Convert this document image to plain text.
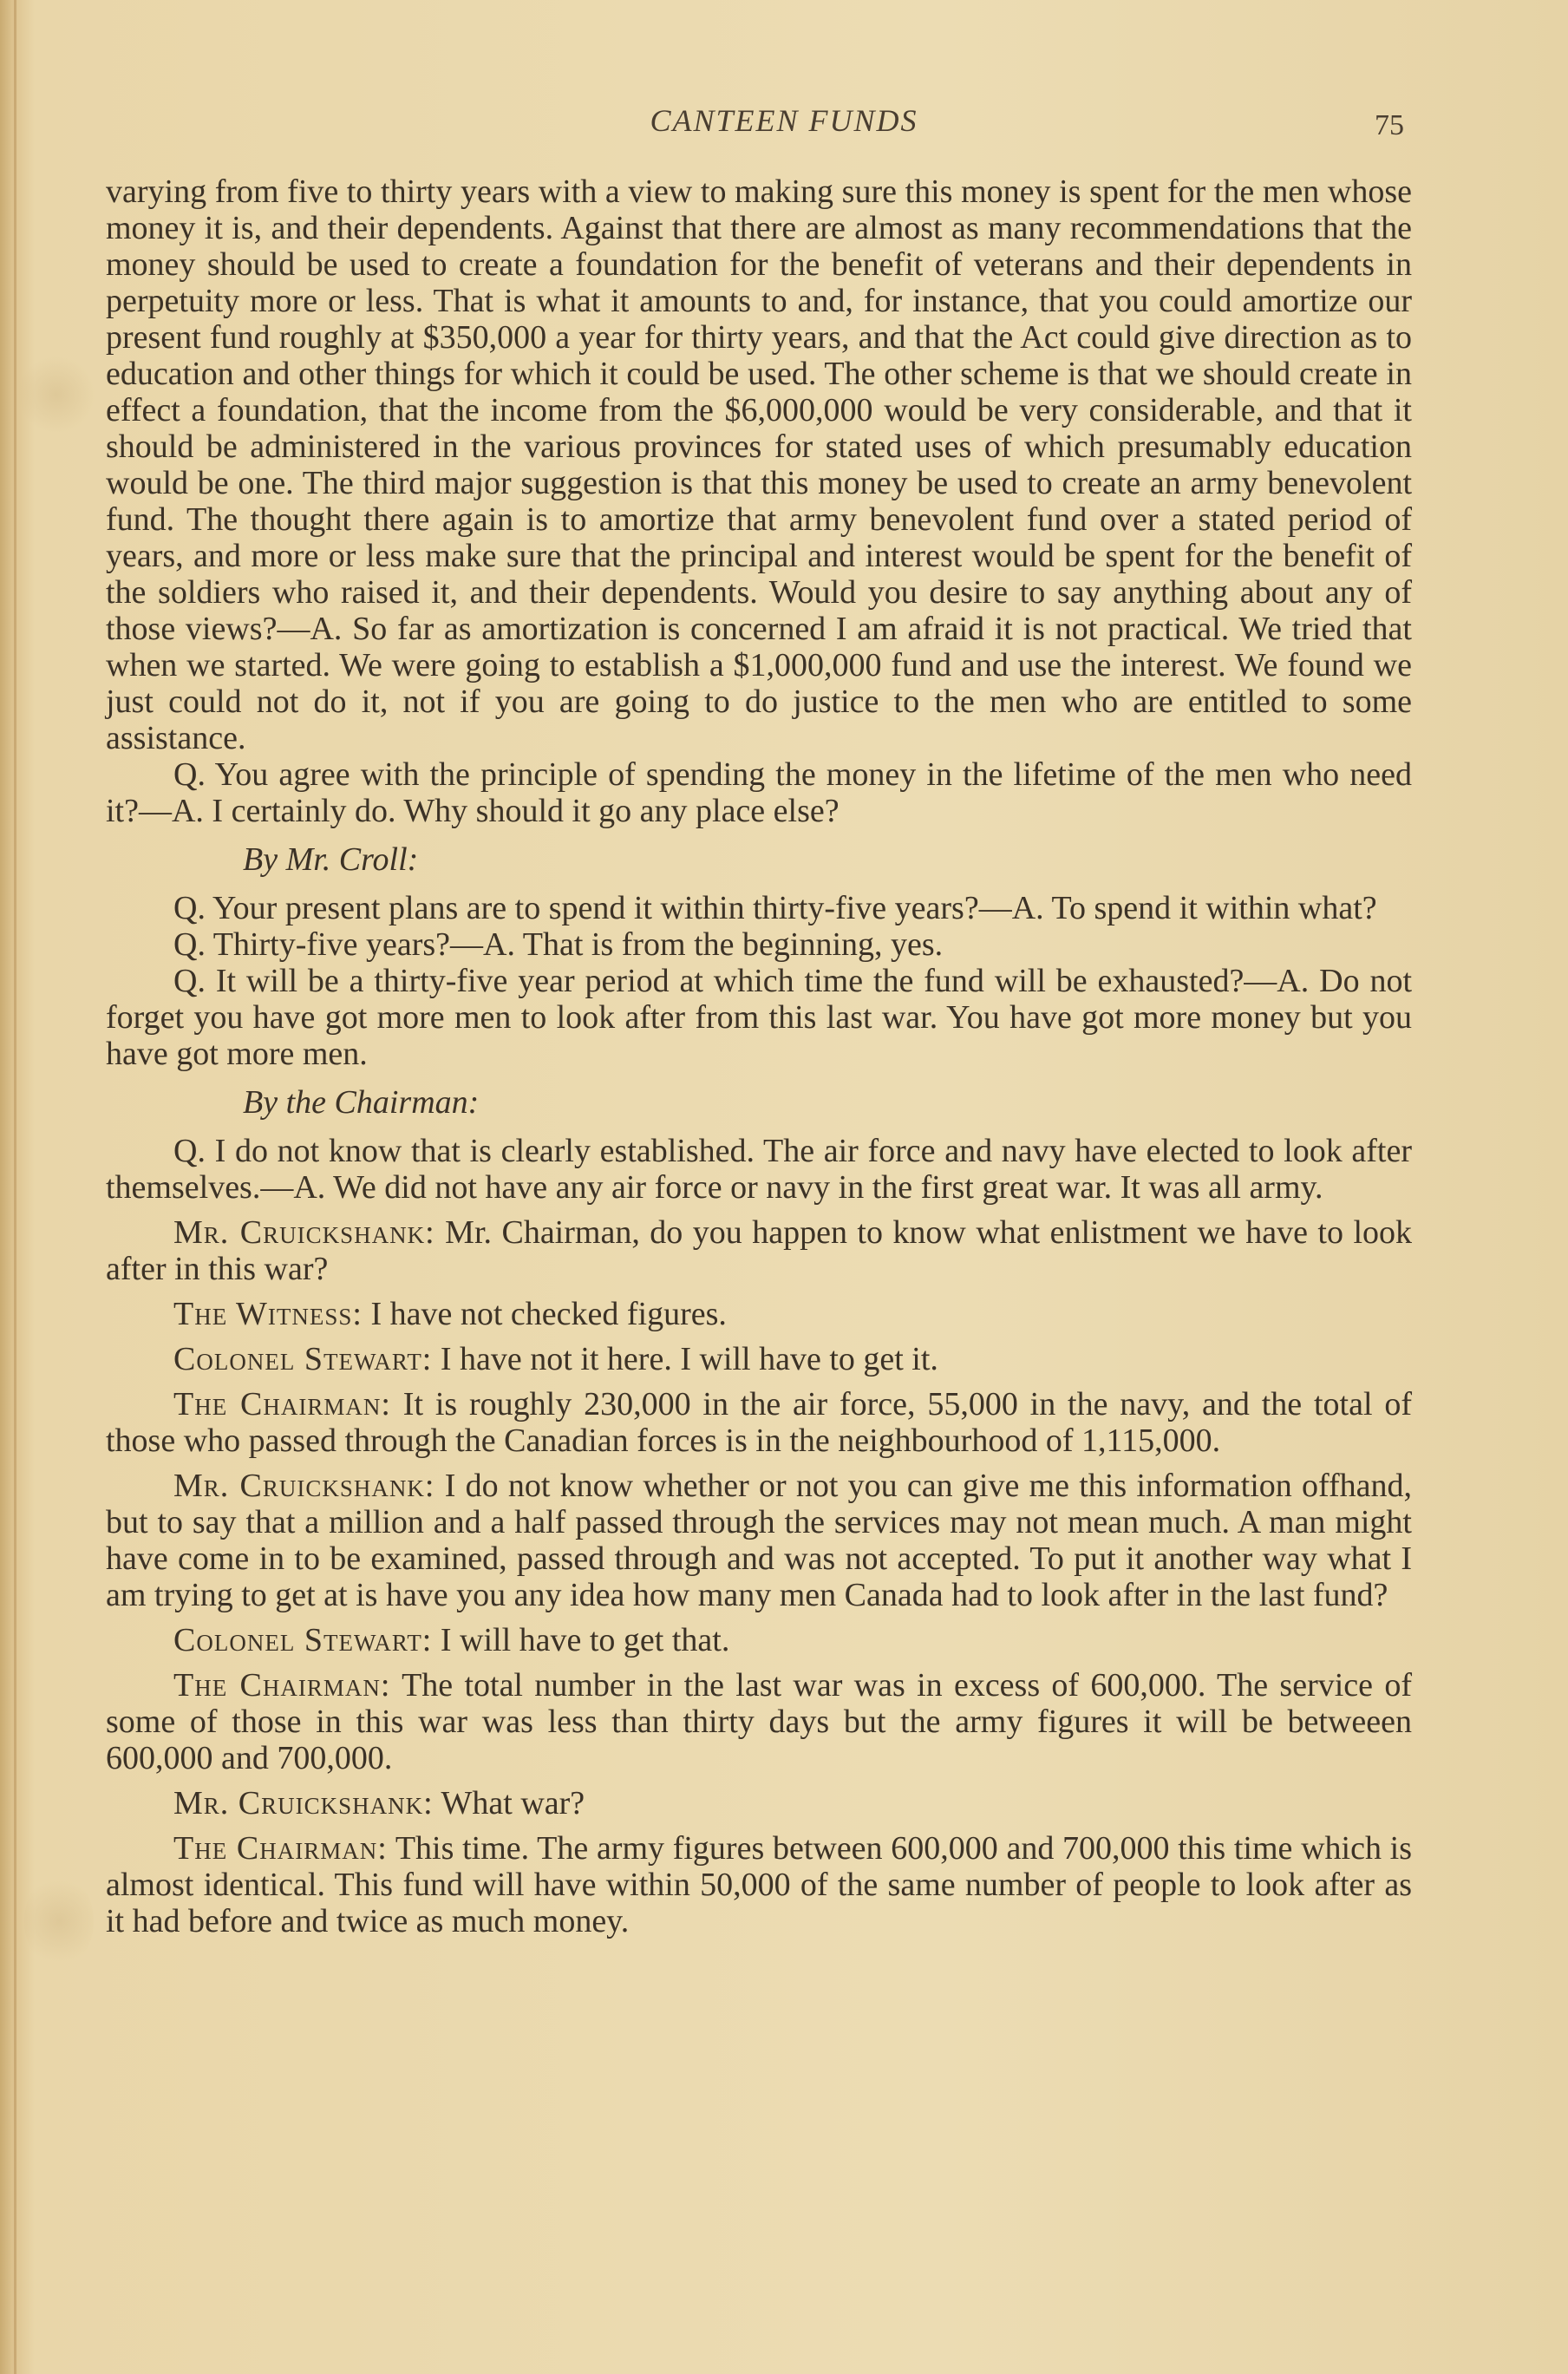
CANTEEN FUNDS	75

varying from five to thirty years with a view to making sure this money is spent for the men whose money it is, and their dependents. Against that there are almost as many recommendations that the money should be used to create a foundation for the benefit of veterans and their dependents in perpetuity more or less. That is what it amounts to and, for instance, that you could amortize our present fund roughly at $350,000 a year for thirty years, and that the Act could give direction as to education and other things for which it could be used. The other scheme is that we should create in effect a foundation, that the income from the $6,000,000 would be very considerable, and that it should be administered in the various provinces for stated uses of which presumably education would be one. The third major suggestion is that this money be used to create an army benevolent fund. The thought there again is to amortize that army benevolent fund over a stated period of years, and more or less make sure that the principal and interest would be spent for the benefit of the soldiers who raised it, and their dependents. Would you desire to say anything about any of those views?—A. So far as amortization is concerned I am afraid it is not practical. We tried that when we started. We were going to establish a $1,000,000 fund and use the interest. We found we just could not do it, not if you are going to do justice to the men who are entitled to some assistance.

Q. You agree with the principle of spending the money in the lifetime of the men who need it?—A. I certainly do. Why should it go any place else?

By Mr. Croll:

Q. Your present plans are to spend it within thirty-five years?—A. To spend it within what?

Q. Thirty-five years?—A. That is from the beginning, yes.

Q. It will be a thirty-five year period at which time the fund will be exhausted?—A. Do not forget you have got more men to look after from this last war. You have got more money but you have got more men.

By the Chairman:

Q. I do not know that is clearly established. The air force and navy have elected to look after themselves.—A. We did not have any air force or navy in the first great war. It was all army.

Mr. Cruickshank: Mr. Chairman, do you happen to know what enlistment we have to look after in this war?

The Witness: I have not checked figures.

Colonel Stewart: I have not it here. I will have to get it.

The Chairman: It is roughly 230,000 in the air force, 55,000 in the navy, and the total of those who passed through the Canadian forces is in the neighbourhood of 1,115,000.

Mr. Cruickshank: I do not know whether or not you can give me this information offhand, but to say that a million and a half passed through the services may not mean much. A man might have come in to be examined, passed through and was not accepted. To put it another way what I am trying to get at is have you any idea how many men Canada had to look after in the last fund?

Colonel Stewart: I will have to get that.

The Chairman: The total number in the last war was in excess of 600,000. The service of some of those in this war was less than thirty days but the army figures it will be betweeen 600,000 and 700,000.

Mr. Cruickshank: What war?

The Chairman: This time. The army figures between 600,000 and 700,000 this time which is almost identical. This fund will have within 50,000 of the same number of people to look after as it had before and twice as much money.
